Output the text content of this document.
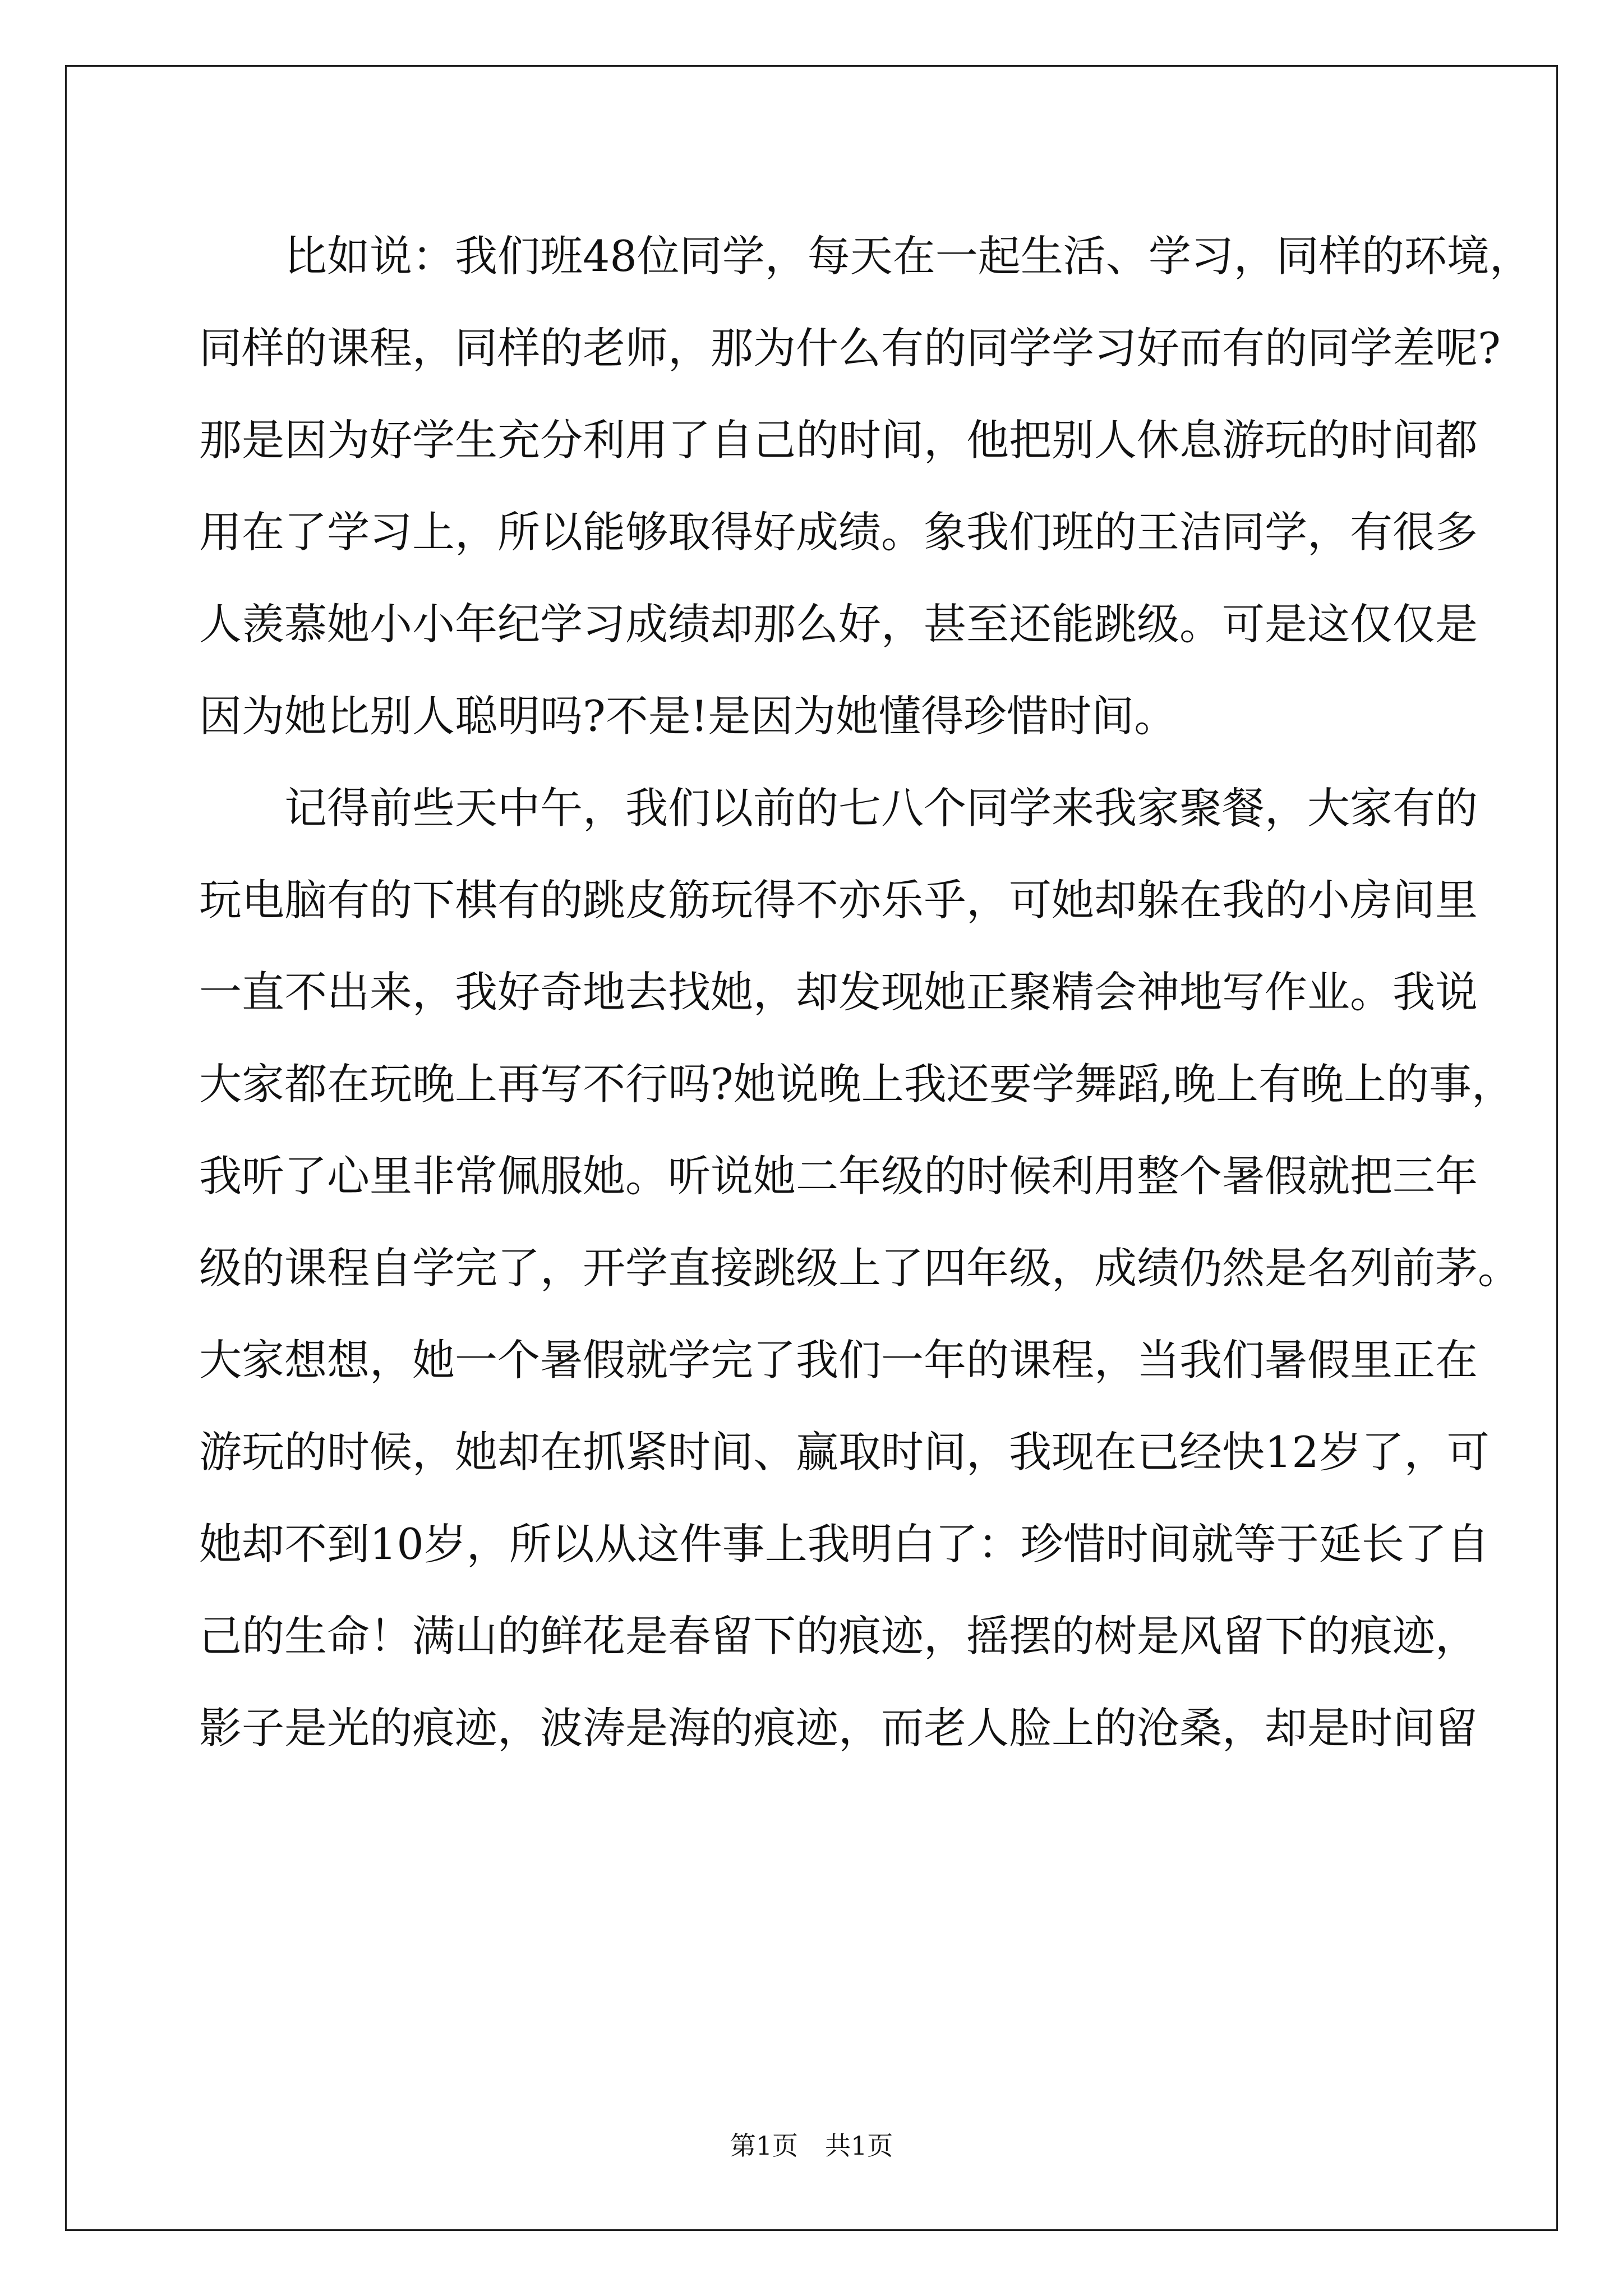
　　比如说：我们班48位同学，每天在一起生活、学习，同样的环境，
同样的课程，同样的老师，那为什么有的同学学习好而有的同学差呢?
那是因为好学生充分利用了自己的时间，他把别人休息游玩的时间都
用在了学习上，所以能够取得好成绩。象我们班的王洁同学，有很多
人羡慕她小小年纪学习成绩却那么好，甚至还能跳级。可是这仅仅是
因为她比别人聪明吗?不是!是因为她懂得珍惜时间。
　　记得前些天中午，我们以前的七八个同学来我家聚餐，大家有的
玩电脑有的下棋有的跳皮筋玩得不亦乐乎，可她却躲在我的小房间里
一直不出来，我好奇地去找她，却发现她正聚精会神地写作业。我说
大家都在玩晚上再写不行吗?她说晚上我还要学舞蹈,晚上有晚上的事，
我听了心里非常佩服她。听说她二年级的时候利用整个暑假就把三年
级的课程自学完了，开学直接跳级上了四年级，成绩仍然是名列前茅。
大家想想，她一个暑假就学完了我们一年的课程，当我们暑假里正在
游玩的时候，她却在抓紧时间、赢取时间，我现在已经快12岁了，可
她却不到10岁，所以从这件事上我明白了：珍惜时间就等于延长了自
己的生命！满山的鲜花是春留下的痕迹，摇摆的树是风留下的痕迹，
影子是光的痕迹，波涛是海的痕迹，而老人脸上的沧桑，却是时间留
第1页 共1页
